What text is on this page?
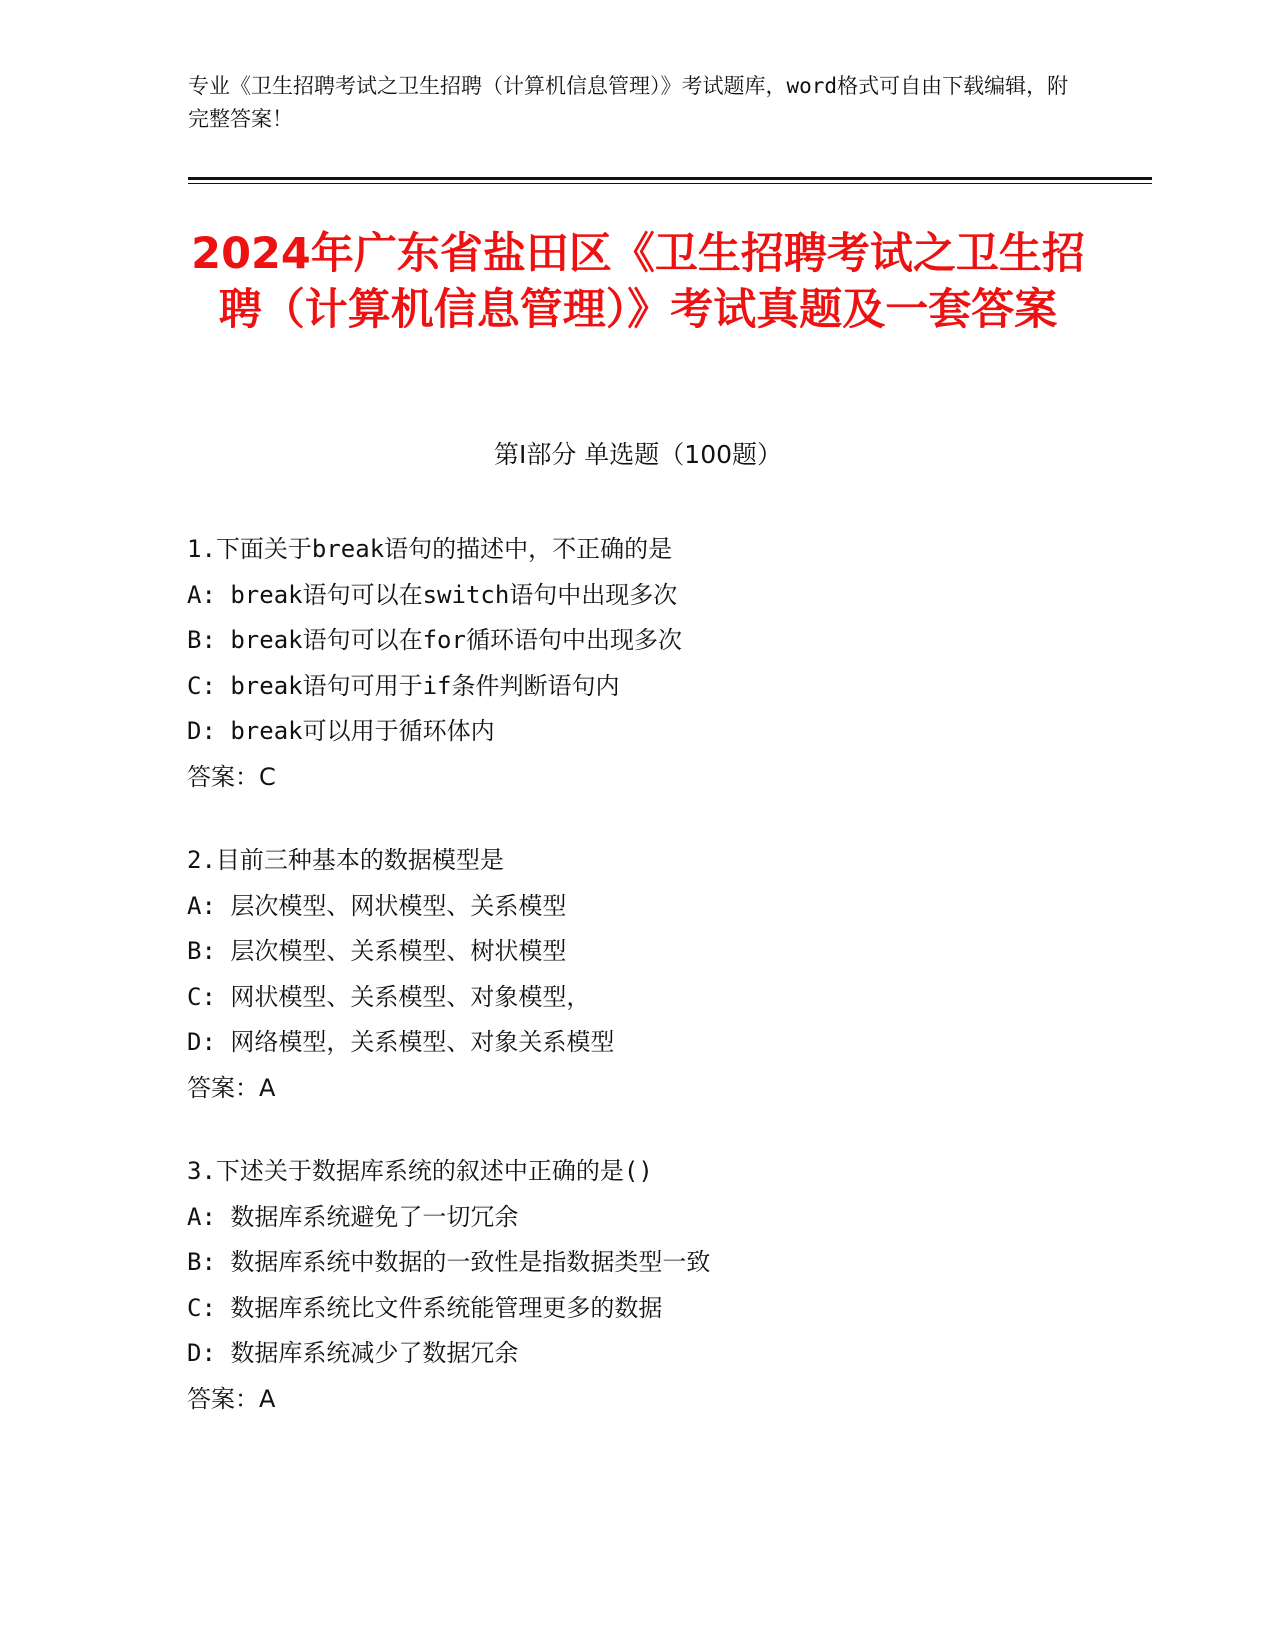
专业《卫生招聘考试之卫生招聘（计算机信息管理）》考试题库，word格式可自由下载编辑，附完整答案！
2024年广东省盐田区《卫生招聘考试之卫生招聘（计算机信息管理）》考试真题及一套答案
第Ⅰ部分 单选题（100题）
1.下面关于break语句的描述中，不正确的是
A: break语句可以在switch语句中出现多次
B: break语句可以在for循环语句中出现多次
C: break语句可用于if条件判断语句内
D: break可以用于循环体内
答案：C
2.目前三种基本的数据模型是
A: 层次模型、网状模型、关系模型
B: 层次模型、关系模型、树状模型
C: 网状模型、关系模型、对象模型，
D: 网络模型，关系模型、对象关系模型
答案：A
3.下述关于数据库系统的叙述中正确的是()
A: 数据库系统避免了一切冗余
B: 数据库系统中数据的一致性是指数据类型一致
C: 数据库系统比文件系统能管理更多的数据
D: 数据库系统减少了数据冗余
答案：A
